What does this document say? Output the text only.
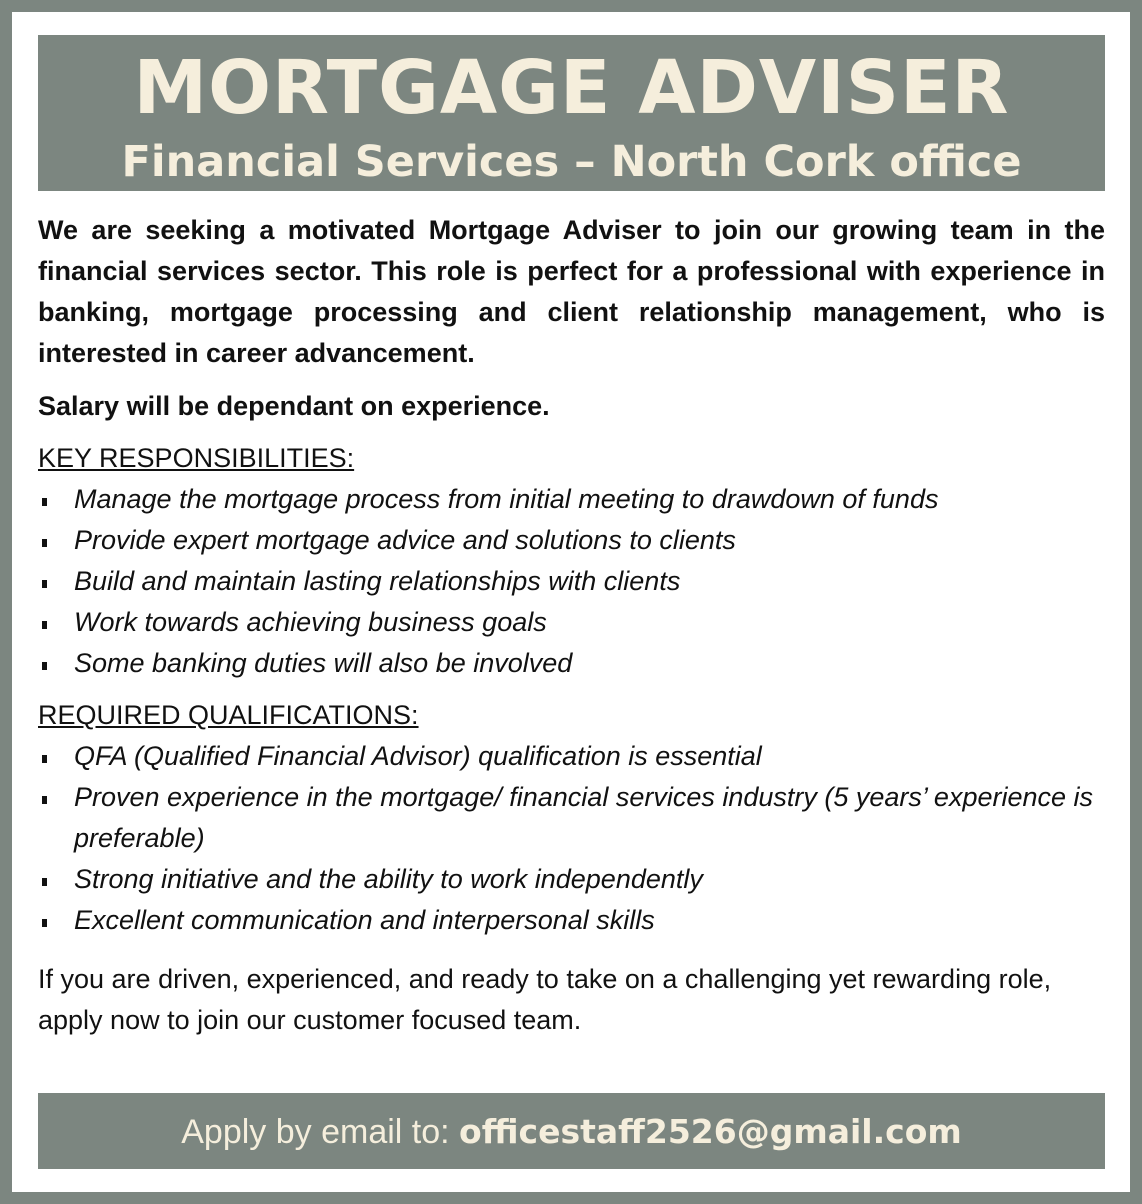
MORTGAGE ADVISER
Financial Services – North Cork office

We are seeking a motivated Mortgage Adviser to join our growing team in the financial services sector. This role is perfect for a professional with experience in banking, mortgage processing and client relationship management, who is interested in career advancement.

Salary will be dependant on experience.

KEY RESPONSIBILITIES:
Manage the mortgage process from initial meeting to drawdown of funds
Provide expert mortgage advice and solutions to clients
Build and maintain lasting relationships with clients
Work towards achieving business goals
Some banking duties will also be involved
REQUIRED QUALIFICATIONS:
QFA (Qualified Financial Advisor) qualification is essential
Proven experience in the mortgage/ financial services industry (5 years’ experience is preferable)
Strong initiative and the ability to work independently
Excellent communication and interpersonal skills

If you are driven, experienced, and ready to take on a challenging yet rewarding role, apply now to join our customer focused team.

Apply by email to: officestaff2526@gmail.com
